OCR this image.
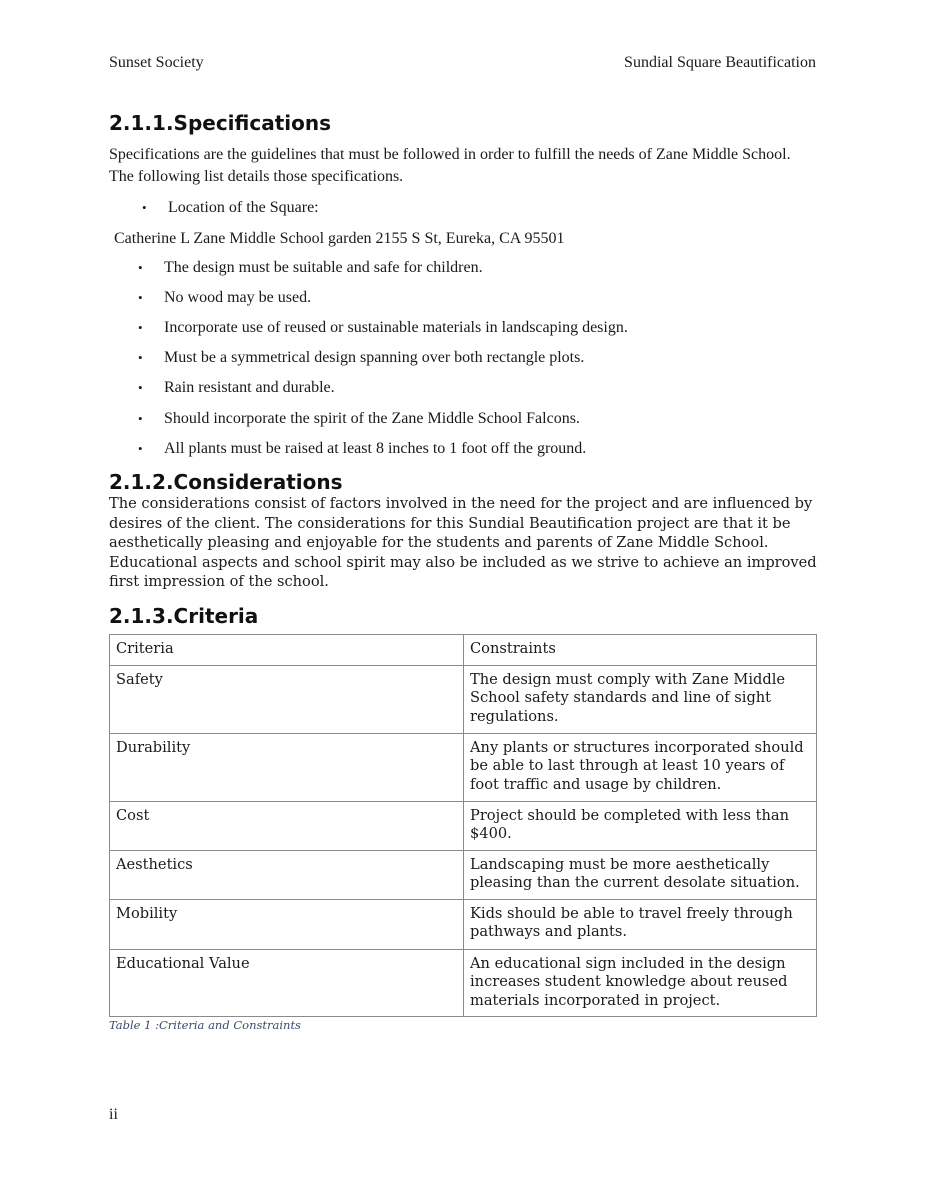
Sunset Society	Sundial Square Beautification
2.1.1.Specifications
Specifications are the guidelines that must be followed in order to fulfill the needs of Zane Middle School. The following list details those specifications.
• Location of the Square:
Catherine L Zane Middle School garden 2155 S St, Eureka, CA 95501
• The design must be suitable and safe for children.
• No wood may be used.
• Incorporate use of reused or sustainable materials in landscaping design.
• Must be a symmetrical design spanning over both rectangle plots.
• Rain resistant and durable.
• Should incorporate the spirit of the Zane Middle School Falcons.
• All plants must be raised at least 8 inches to 1 foot off the ground.
2.1.2.Considerations
The considerations consist of factors involved in the need for the project and are influenced by desires of the client. The considerations for this Sundial Beautification project are that it be aesthetically pleasing and enjoyable for the students and parents of Zane Middle School. Educational aspects and school spirit may also be included as we strive to achieve an improved first impression of the school.
2.1.3.Criteria
Criteria	Constraints
Safety	The design must comply with Zane Middle School safety standards and line of sight regulations.
Durability	Any plants or structures incorporated should be able to last through at least 10 years of foot traffic and usage by children.
Cost	Project should be completed with less than $400.
Aesthetics	Landscaping must be more aesthetically pleasing than the current desolate situation.
Mobility	Kids should be able to travel freely through pathways and plants.
Educational Value	An educational sign included in the design increases student knowledge about reused materials incorporated in project.
Table 1 :Criteria and Constraints
ii
